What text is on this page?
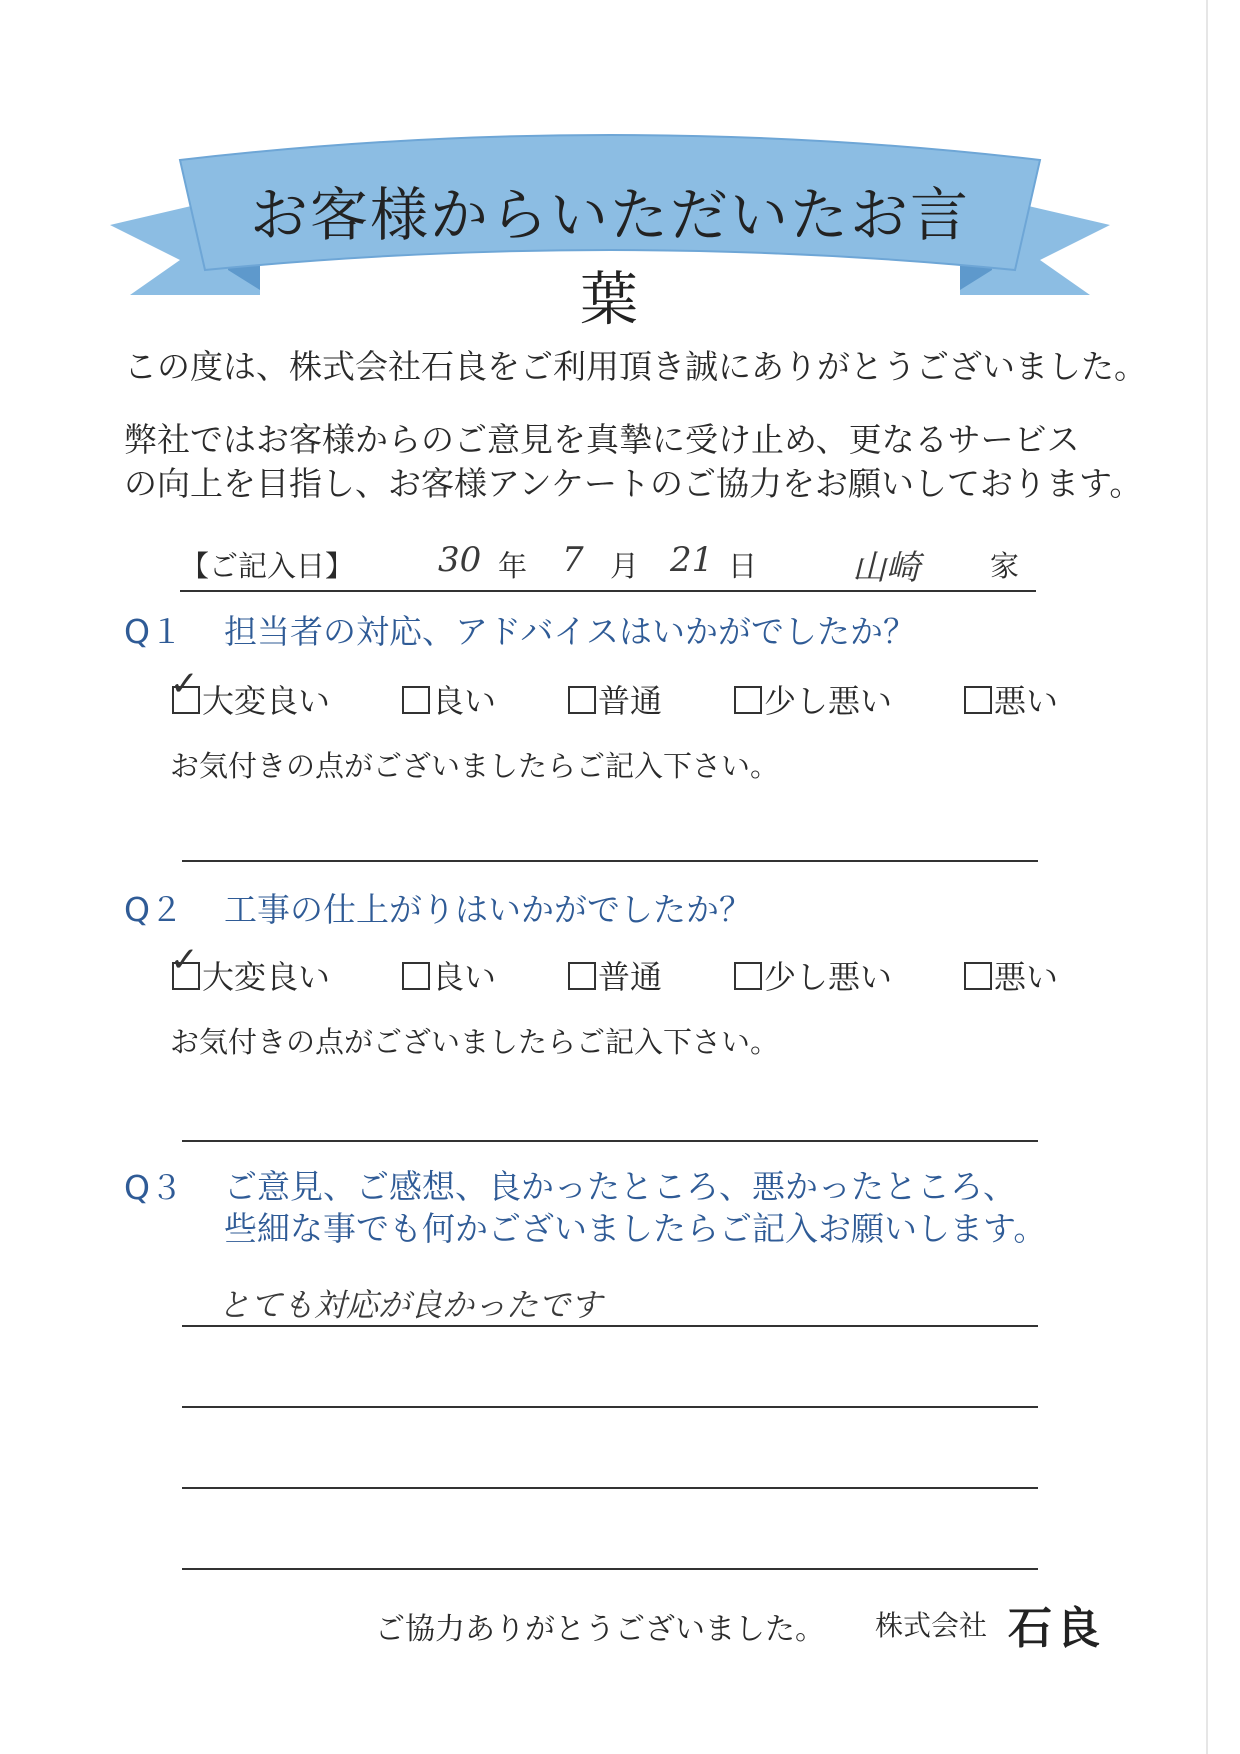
お客様からいただいたお言葉
この度は、株式会社石良をご利用頂き誠にありがとうございました。
弊社ではお客様からのご意見を真摯に受け止め、更なるサービス
の向上を目指し、お客様アンケートのご協力をお願いしております。
【ご記入日】 30 年 7 月 21 日	山崎 家
Q１ 担当者の対応、アドバイスはいかがでしたか？
✓ 大変良い	良い	普通	少し悪い	悪い
お気付きの点がございましたらご記入下さい。
Q２ 工事の仕上がりはいかがでしたか？
✓ 大変良い	良い	普通	少し悪い	悪い
お気付きの点がございましたらご記入下さい。
Q３ ご意見、ご感想、良かったところ、悪かったところ、
些細な事でも何かございましたらご記入お願いします。
とても対応が良かったです
ご協力ありがとうございました。 株式会社 石良
